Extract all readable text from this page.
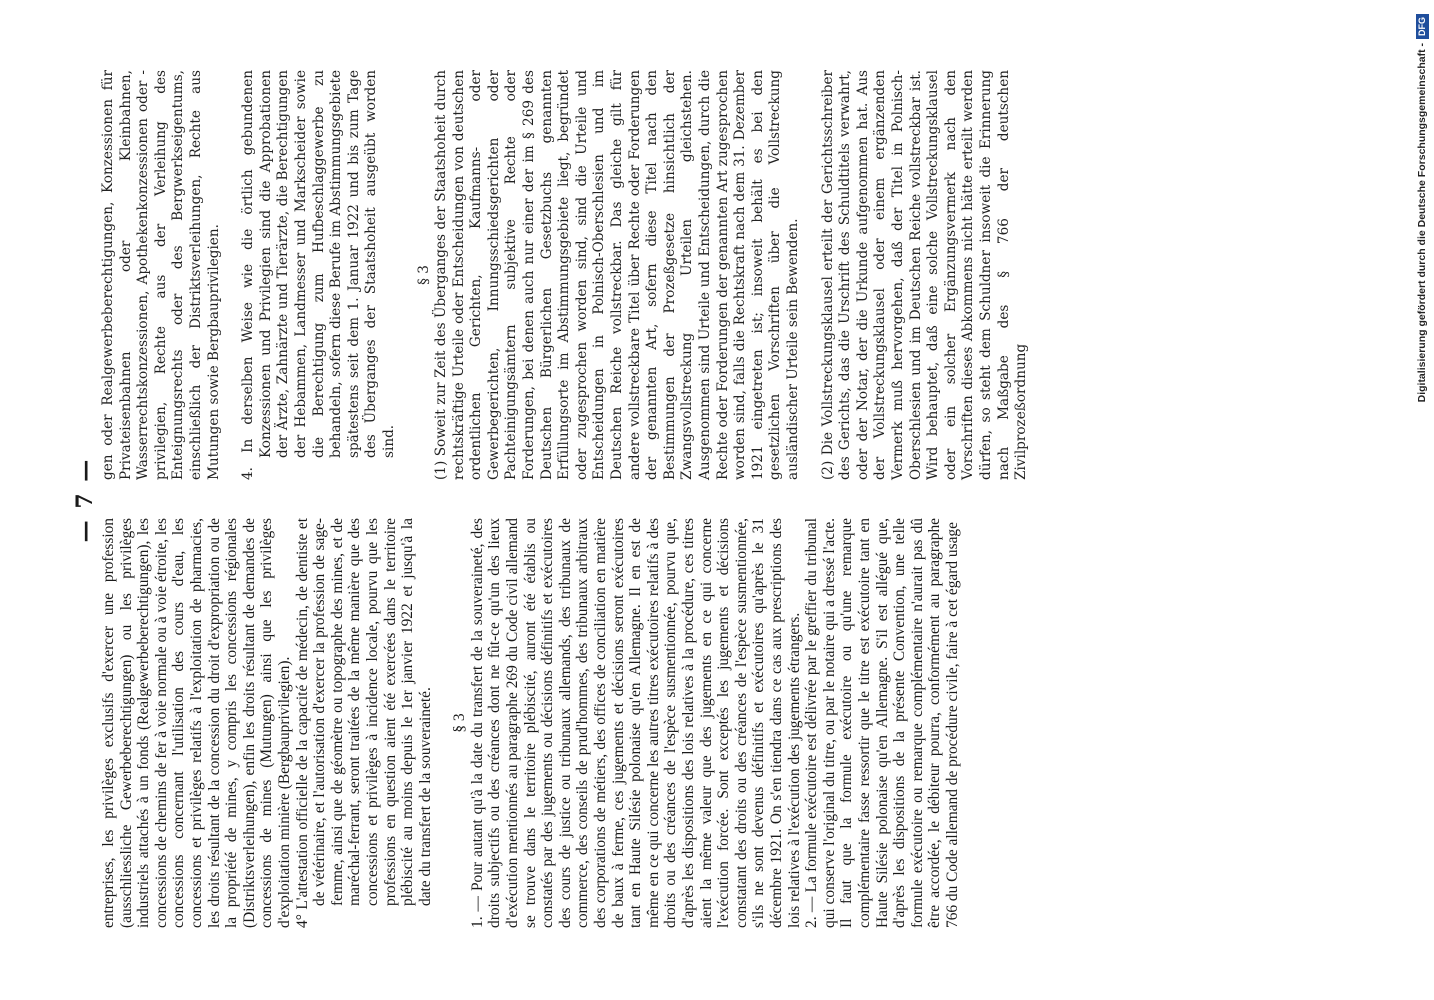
— 7 —

entreprises, les privilèges exclusifs d'exercer une profession (ausschliessliche Gewerbeberechtigungen) ou les privilèges industriels attachés à un fonds (Realgewerbeberechtigungen), les concessions de chemins de fer à voie normale ou à voie étroite, les concessions concernant l'utilisation des cours d'eau, les concessions et privilèges relatifs à l'exploitation de pharmacies, les droits résultant de la concession du droit d'expropriation ou de la propriété de mines, y compris les concessions régionales (Distriktsverleihungen), enfin les droits résultant de demandes de concessions de mines (Mutungen) ainsi que les privilèges d'exploitation minière (Bergbauprivilegien). 4° L'attestation officielle de la capacité de médecin, de dentiste et de vétérinaire, et l'autorisation d'exercer la profession de sage-femme, ainsi que de géomètre ou topographe des mines, et de maréchal-ferrant, seront traitées de la même manière que des concessions et privilèges à incidence locale, pourvu que les professions en question aient été exercées dans le territoire plébiscité au moins depuis le 1er janvier 1922 et jusqu'à la date du transfert de la souveraineté. § 3 1. — Pour autant qu'à la date du transfert de la souveraineté, des droits subjectifs ou des créances dont ne fût-ce qu'un des lieux d'exécution mentionnés au paragraphe 269 du Code civil allemand se trouve dans le territoire plébiscité, auront été établis ou constatés par des jugements ou décisions définitifs et exécutoires des cours de justice ou tribunaux allemands, des tribunaux de commerce, des conseils de prud'hommes, des tribunaux arbitraux des corporations de métiers, des offices de conciliation en matière de baux à ferme, ces jugements et décisions seront exécutoires tant en Haute Silésie polonaise qu'en Allemagne. Il en est de même en ce qui concerne les autres titres exécutoires relatifs à des droits ou des créances de l'espèce susmentionnée, pourvu que, d'après les dispositions des lois relatives à la procédure, ces titres aient la même valeur que des jugements en ce qui concerne l'exécution forcée. Sont exceptés les jugements et décisions constatant des droits ou des créances de l'espèce susmentionnée, s'ils ne sont devenus définitifs et exécutoires qu'après le 31 décembre 1921. On s'en tiendra dans ce cas aux prescriptions des lois relatives à l'exécution des jugements étrangers. 2. — La formule exécutoire est délivrée par le greffier du tribunal qui conserve l'original du titre, ou par le notaire qui a dressé l'acte. Il faut que la formule exécutoire ou qu'une remarque complémentaire fasse ressortir que le titre est exécutoire tant en Haute Silésie polonaise qu'en Allemagne. S'il est allégué que, d'après les dispositions de la présente Convention, une telle formule exécutoire ou remarque complémentaire n'aurait pas dû être accordée, le débiteur pourra, conformément au paragraphe 766 du Code allemand de procédure civile, faire à cet égard usage

gen oder Realgewerbeberechtigungen, Konzessionen für Privateisenbahnen oder Kleinbahnen, Wasserrechtskonzessionen, Apothekenkonzessionen oder -privilegien, Rechte aus der Verleihung des Enteignungsrechts oder des Bergwerkseigentums, einschließlich der Distriktsverleihungen, Rechte aus Mutungen sowie Bergbauprivilegien. 4. In derselben Weise wie die örtlich gebundenen Konzessionen und Privilegien sind die Approbationen der Ärzte, Zahnärzte und Tierärzte, die Berechtigungen der Hebammen, Landmesser und Markscheider sowie die Berechtigung zum Hufbeschlaggewerbe zu behandeln, sofern diese Berufe im Abstimmungsgebiete spätestens seit dem 1. Januar 1922 und bis zum Tage des Überganges der Staatshoheit ausgeübt worden sind.

§ 3 (1) Soweit zur Zeit des Überganges der Staatshoheit durch rechtskräftige Urteile oder Entscheidungen von deutschen ordentlichen Gerichten, Kaufmanns- oder Gewerbegerichten, Innungsschiedsgerichten oder Pachteinigungsämtern subjektive Rechte oder Forderungen, bei denen auch nur einer der im § 269 des Deutschen Bürgerlichen Gesetzbuchs genannten Erfüllungsorte im Abstimmungsgebiete liegt, begründet oder zugesprochen worden sind, sind die Urteile und Entscheidungen in Polnisch-Oberschlesien und im Deutschen Reiche vollstreckbar. Das gleiche gilt für andere vollstreckbare Titel über Rechte oder Forderungen der genannten Art, sofern diese Titel nach den Bestimmungen der Prozeßgesetze hinsichtlich der Zwangsvollstreckung Urteilen gleichstehen. Ausgenommen sind Urteile und Entscheidungen, durch die Rechte oder Forderungen der genannten Art zugesprochen worden sind, falls die Rechtskraft nach dem 31. Dezember 1921 eingetreten ist; insoweit behält es bei den gesetzlichen Vorschriften über die Vollstreckung ausländischer Urteile sein Bewenden. (2) Die Vollstreckungsklausel erteilt der Gerichtsschreiber des Gerichts, das die Urschrift des Schuldtitels verwahrt, oder der Notar, der die Urkunde aufgenommen hat. Aus der Vollstreckungsklausel oder einem ergänzenden Vermerk muß hervorgehen, daß der Titel in Polnisch-Oberschlesien und im Deutschen Reiche vollstreckbar ist. Wird behauptet, daß eine solche Vollstreckungsklausel oder ein solcher Ergänzungsvermerk nach den Vorschriften dieses Abkommens nicht hätte erteilt werden dürfen, so steht dem Schuldner insoweit die Erinnerung nach Maßgabe des § 766 der deutschen Zivilprozeßordnung

Digitalisierung gefördert durch die Deutsche Forschungsgemeinschaft -DFG
